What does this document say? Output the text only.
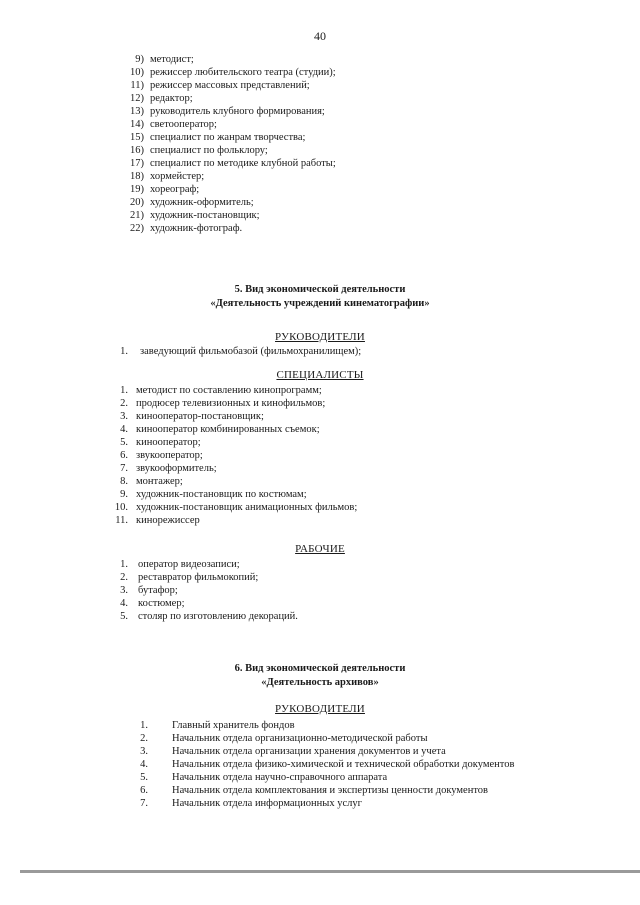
40
9) методист;
10) режиссер любительского театра (студии);
11) режиссер массовых представлений;
12) редактор;
13) руководитель клубного формирования;
14) светооператор;
15) специалист по жанрам творчества;
16) специалист по фольклору;
17) специалист по методике клубной работы;
18) хормейстер;
19) хореограф;
20) художник-оформитель;
21) художник-постановщик;
22) художник-фотограф.
5. Вид экономической деятельности
«Деятельность учреждений кинематографии»
РУКОВОДИТЕЛИ
1. заведующий фильмобазой (фильмохранилищем);
СПЕЦИАЛИСТЫ
1. методист по составлению кинопрограмм;
2. продюсер телевизионных и кинофильмов;
3. кинооператор-постановщик;
4. кинооператор комбинированных съемок;
5. кинооператор;
6. звукооператор;
7. звукооформитель;
8. монтажер;
9. художник-постановщик по костюмам;
10. художник-постановщик анимационных фильмов;
11. кинорежиссер
РАБОЧИЕ
1. оператор видеозаписи;
2. реставратор фильмокопий;
3. бутафор;
4. костюмер;
5. столяр по изготовлению декораций.
6. Вид экономической деятельности
«Деятельность архивов»
РУКОВОДИТЕЛИ
1. Главный хранитель фондов
2. Начальник отдела организационно-методической работы
3. Начальник отдела организации хранения документов и учета
4. Начальник отдела физико-химической и технической обработки документов
5. Начальник отдела научно-справочного аппарата
6. Начальник отдела комплектования и экспертизы ценности документов
7. Начальник отдела информационных услуг
